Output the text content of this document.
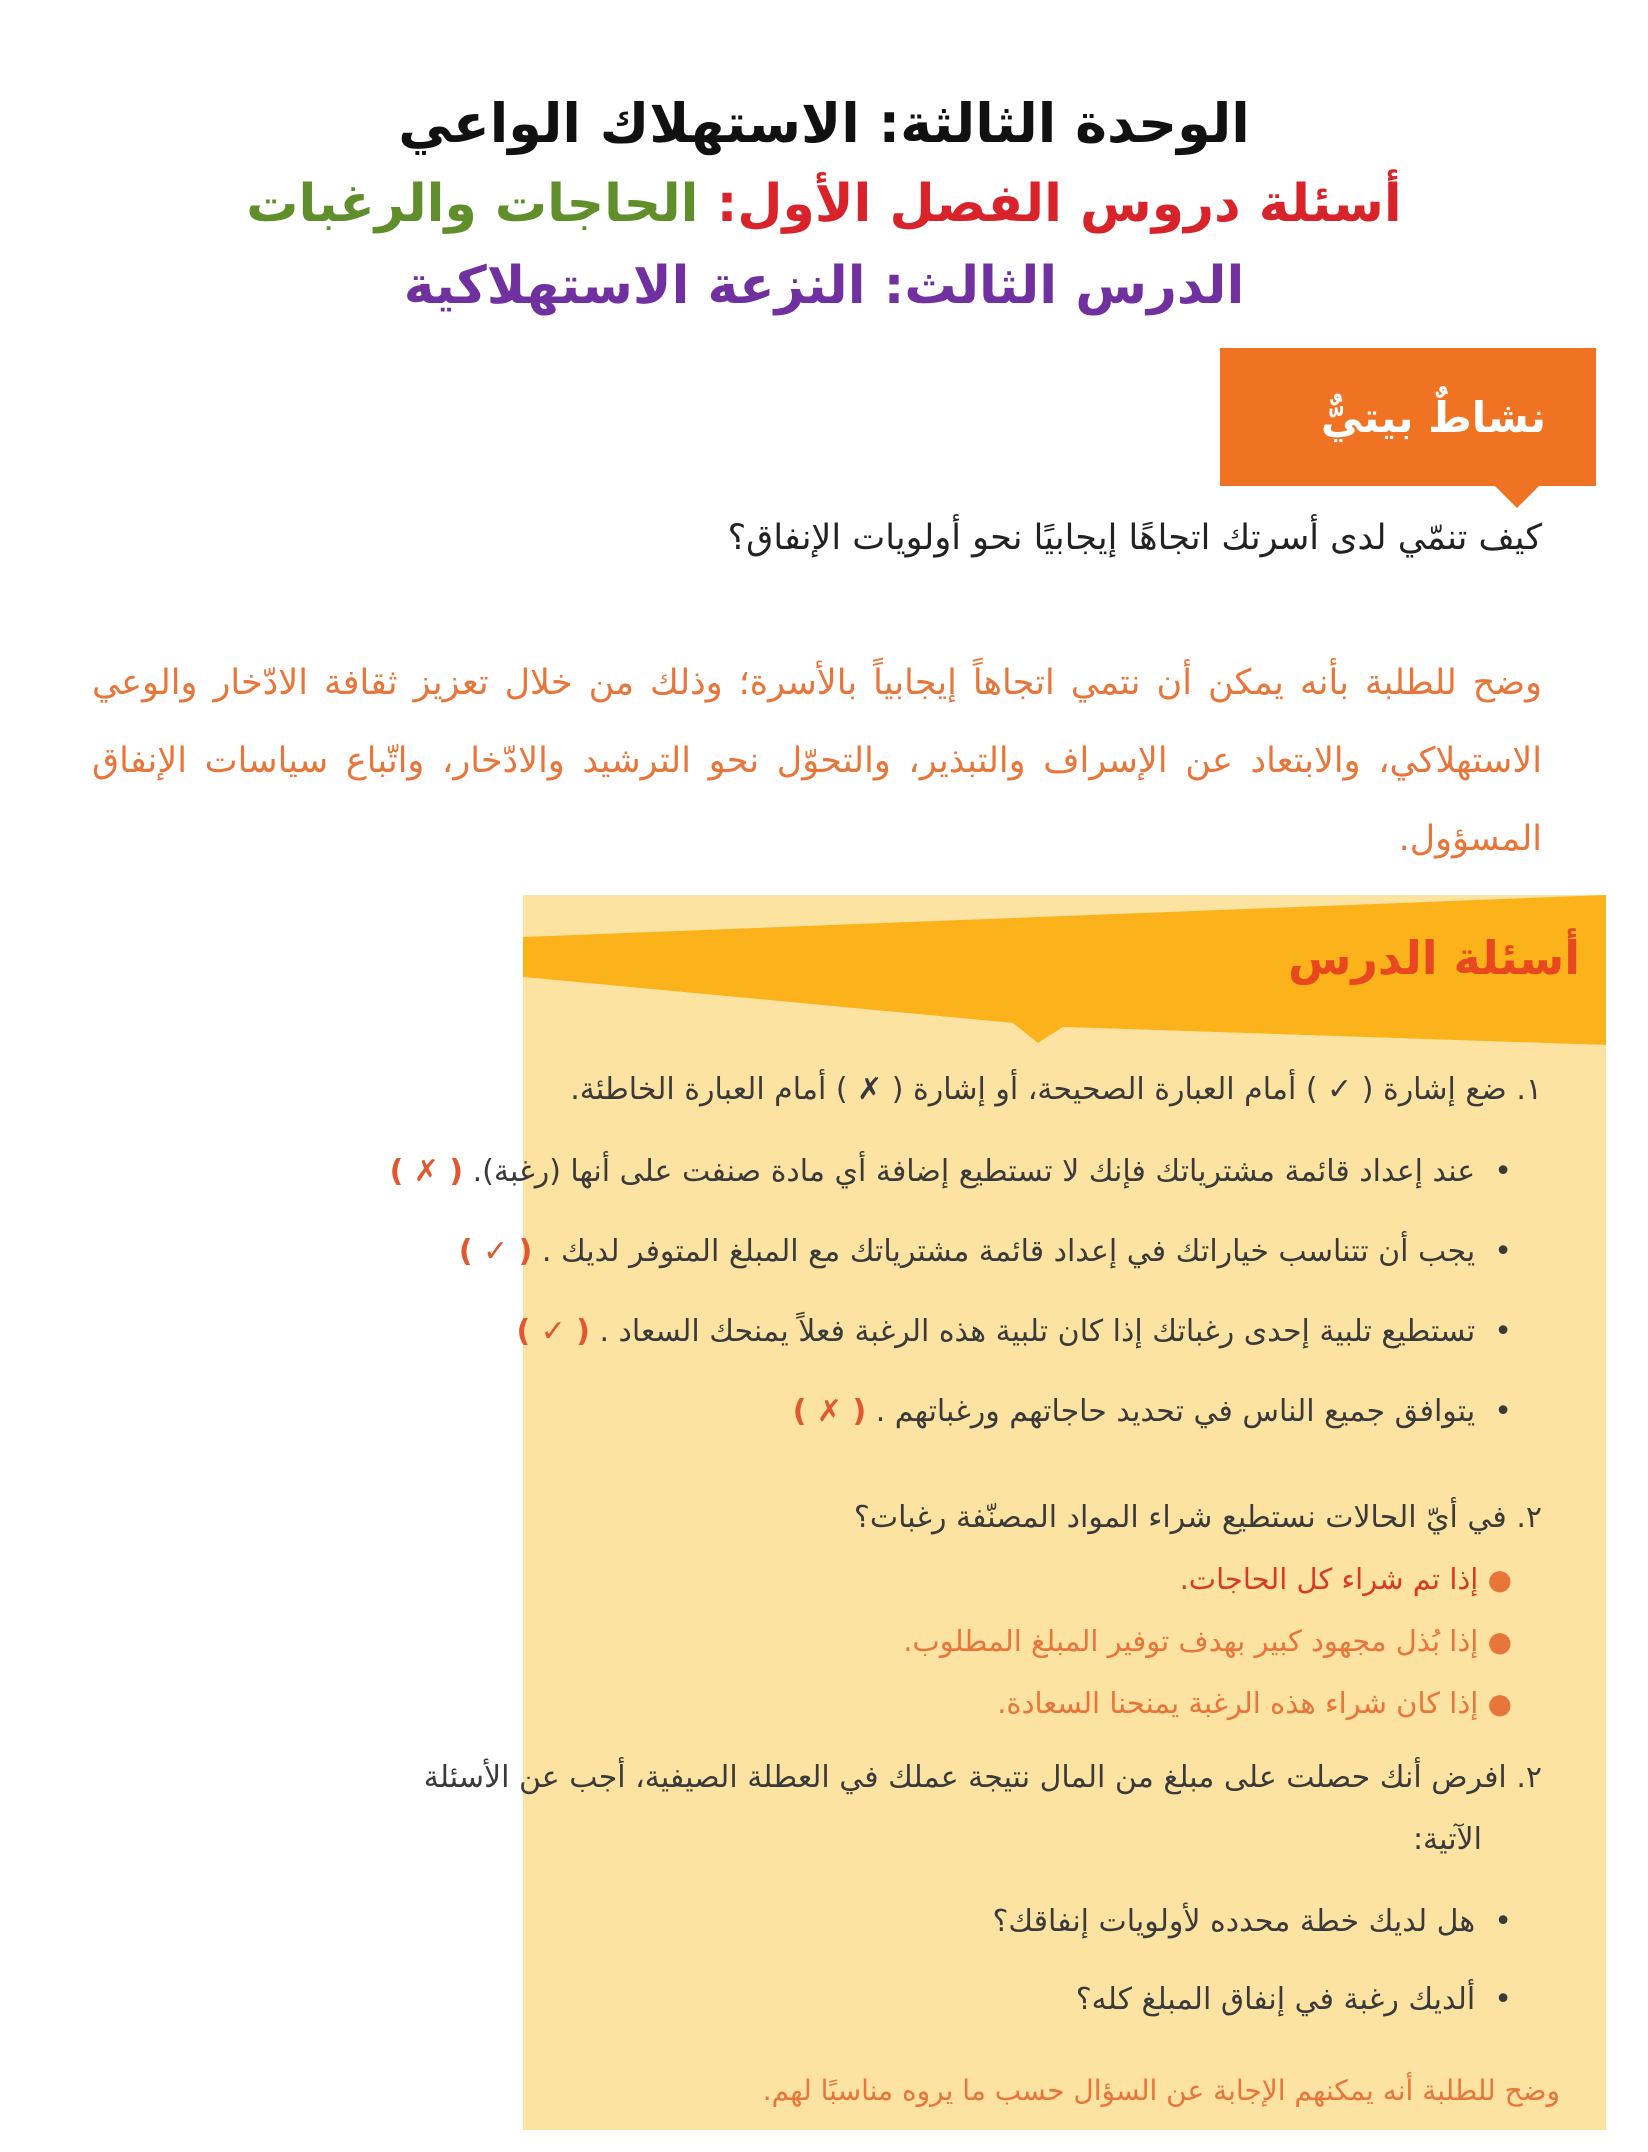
الوحدة الثالثة: الاستهلاك الواعي
أسئلة دروس الفصل الأول: الحاجات والرغبات
الدرس الثالث: النزعة الاستهلاكية
نشاطٌ بيتيٌّ
كيف تنمّي لدى أسرتك اتجاهًا إيجابيًا نحو أولويات الإنفاق؟
وضح للطلبة بأنه يمكن أن نتمي اتجاهاً إيجابياً بالأسرة؛ وذلك من خلال تعزيز ثقافة الادّخار والوعي الاستهلاكي، والابتعاد عن الإسراف والتبذير، والتحوّل نحو الترشيد والادّخار، واتّباع سياسات الإنفاق المسؤول.
أسئلة الدرس
١. ضع إشارة ( ✓ ) أمام العبارة الصحيحة، أو إشارة ( ✗ ) أمام العبارة الخاطئة.
•  عند إعداد قائمة مشترياتك فإنك لا تستطيع إضافة أي مادة صنفت على أنها (رغبة). ( ✗ )
•  يجب أن تتناسب خياراتك في إعداد قائمة مشترياتك مع المبلغ المتوفر لديك . ( ✓ )
•  تستطيع تلبية إحدى رغباتك إذا كان تلبية هذه الرغبة فعلاً يمنحك السعاد . ( ✓ )
•  يتوافق جميع الناس في تحديد حاجاتهم ورغباتهم . ( ✗ )
٢. في أيّ الحالات نستطيع شراء المواد المصنّفة رغبات؟
● إذا تم شراء كل الحاجات.
● إذا بُذل مجهود كبير بهدف توفير المبلغ المطلوب.
● إذا كان شراء هذه الرغبة يمنحنا السعادة.
٢. افرض أنك حصلت على مبلغ من المال نتيجة عملك في العطلة الصيفية، أجب عن الأسئلة
الآتية:
•  هل لديك خطة محدده لأولويات إنفاقك؟
•  ألديك رغبة في إنفاق المبلغ كله؟
وضح للطلبة أنه يمكنهم الإجابة عن السؤال حسب ما يروه مناسبًا لهم.
